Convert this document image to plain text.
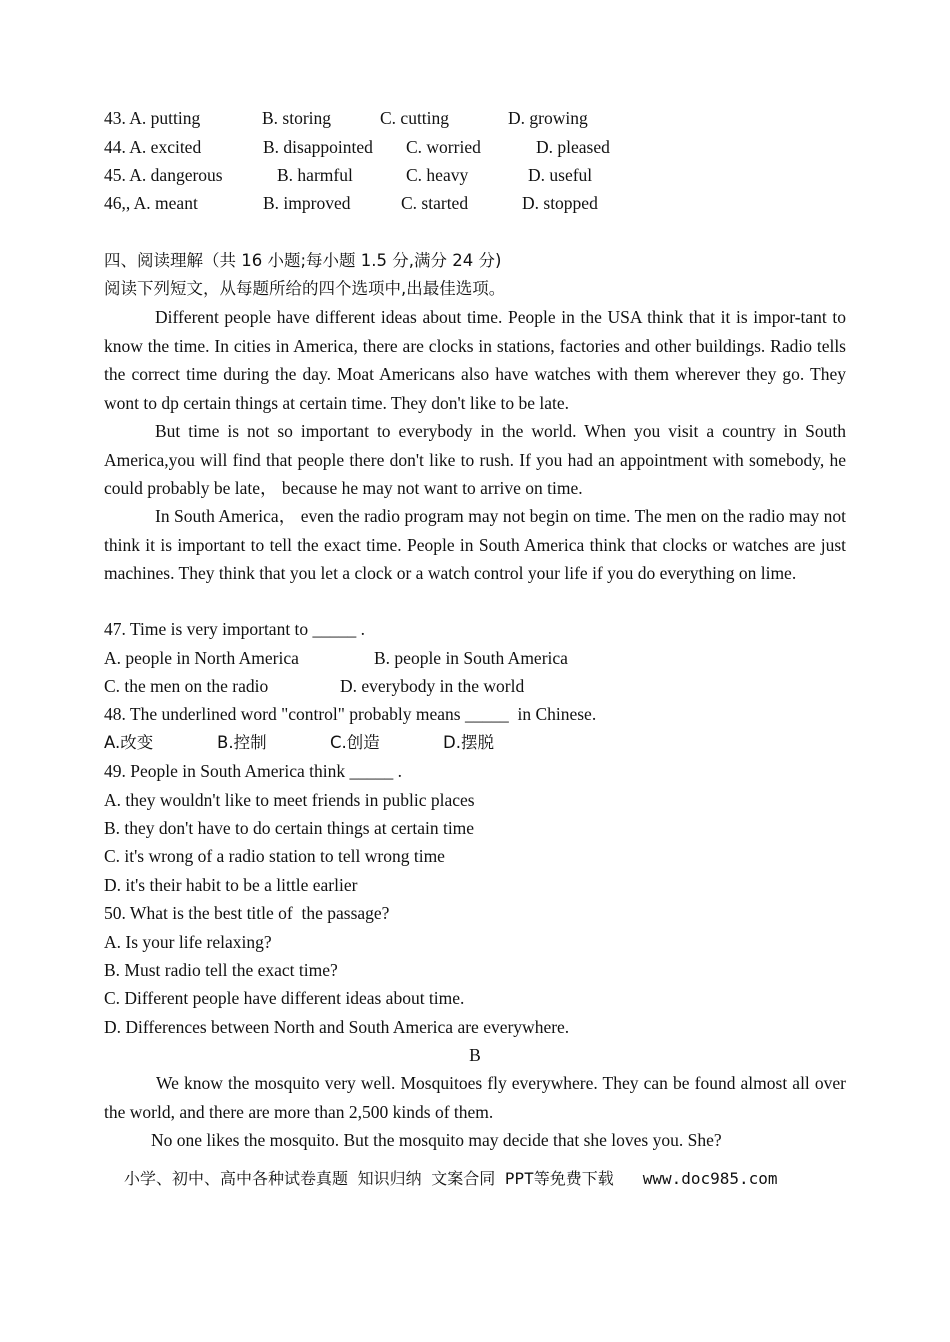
43. A. putting	B. storing	C. cutting	D. growing
44. A. excited	B. disappointed C. worried	D. pleased
45. A. dangerous	B. harmful	C. heavy	D. useful
46,, A. meant	B. improved	C. started	D. stopped
四、阅读理解（共 16 小题;每小题 1.5 分,满分 24 分)
阅读下列短文，从每题所给的四个选项中,出最佳选项。

Different people have different ideas about time. People in the USA think that it is impor-tant to know the time. In cities in America, there are clocks in stations, factories and other buildings. Radio tells the correct time during the day. Moat Americans also have watches with them wherever they go. They wont to dp certain things at certain time. They don't like to be late.

But time is not so important to everybody in the world. When you visit a country in South America,you will find that people there don't like to rush. If you had an appointment with somebody, he could probably be late， because he may not want to arrive on time.

In South America， even the radio program may not begin on time. The men on the radio may not think it is important to tell the exact time. People in South America think that clocks or watches are just machines. They think that you let a clock or a watch control your life if you do everything on lime.

47. Time is very important to _____ .
A. people in North America	B. people in South America
C. the men on the radio	D. everybody in the world
48. The underlined word "control" probably means _____  in Chinese.
A.改变	B.控制	C.创造	D.摆脱
49. People in South America think _____ .
A. they wouldn't like to meet friends in public places
B. they don't have to do certain things at certain time
C. it's wrong of a radio station to tell wrong time
D. it's their habit to be a little earlier
50. What is the best title of  the passage?
A. Is your life relaxing?
B. Must radio tell the exact time?
C. Different people have different ideas about time.
D. Differences between North and South America are everywhere.
B

We know the mosquito very well. Mosquitoes fly everywhere. They can be found almost all over the world, and there are more than 2,500 kinds of them.

No one likes the mosquito. But the mosquito may decide that she loves you. She?

小学、初中、高中各种试卷真题 知识归纳 文案合同 PPT等免费下载   www.doc985.com
